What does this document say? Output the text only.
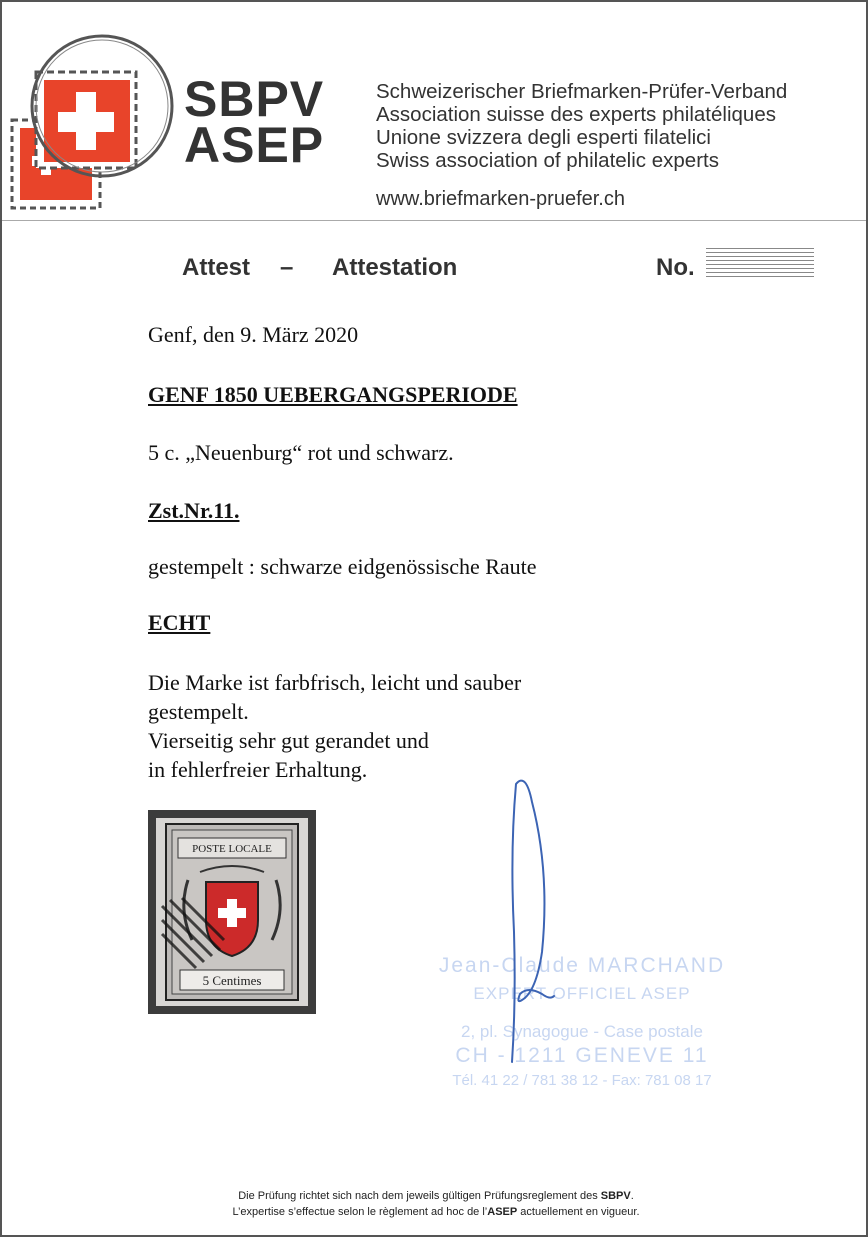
SBPV
ASEP
Schweizerischer Briefmarken-Prüfer-Verband
Association suisse des experts philatéliques
Unione svizzera degli esperti filatelici
Swiss association of philatelic experts
www.briefmarken-pruefer.ch
Attest – Attestation	No.
Genf, den 9. März 2020
GENF 1850 UEBERGANGSPERIODE
5 c. „Neuenburg“ rot und schwarz.
Zst.Nr.11.
gestempelt : schwarze eidgenössische Raute
ECHT
Die Marke ist farbfrisch, leicht und sauber
gestempelt.
Vierseitig sehr gut gerandet und
in fehlerfreier Erhaltung.
POSTE LOCALE
5 Centimes
Jean-Claude MARCHAND
EXPERT OFFICIEL ASEP
2, pl. Synagogue - Case postale
CH - 1211 GENEVE 11
Tél. 41 22 / 781 38 12 - Fax: 781 08 17
Die Prüfung richtet sich nach dem jeweils gültigen Prüfungsreglement des SBPV.
L’expertise s’effectue selon le règlement ad hoc de l’ASEP actuellement en vigueur.
